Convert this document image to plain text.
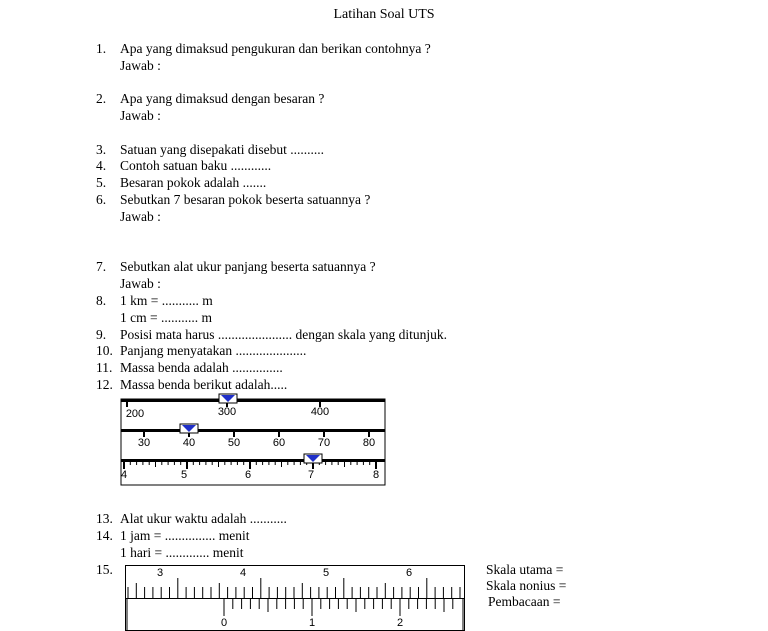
Latihan Soal UTS
1. Apa yang dimaksud pengukuran dan berikan contohnya ?
Jawab :
2. Apa yang dimaksud dengan besaran ?
Jawab :
3. Satuan yang disepakati disebut ..........
4. Contoh satuan baku ............
5. Besaran pokok adalah .......
6. Sebutkan 7 besaran pokok beserta satuannya ?
Jawab :
7. Sebutkan alat ukur panjang beserta satuannya ?
Jawab :
8. 1 km = ........... m
1 cm = ........... m
9. Posisi mata harus ...................... dengan skala yang ditunjuk.
10. Panjang menyatakan .....................
11. Massa benda adalah ...............
12. Massa benda berikut adalah.....
200	300	400
30	40	50	60	70	80
4	5	6	7	8
13. Alat ukur waktu adalah ...........
14. 1 jam = ............... menit
1 hari = ............. menit
15.	3	4	5	6
0	1	2
Skala utama =
Skala nonius =
Pembacaan =
